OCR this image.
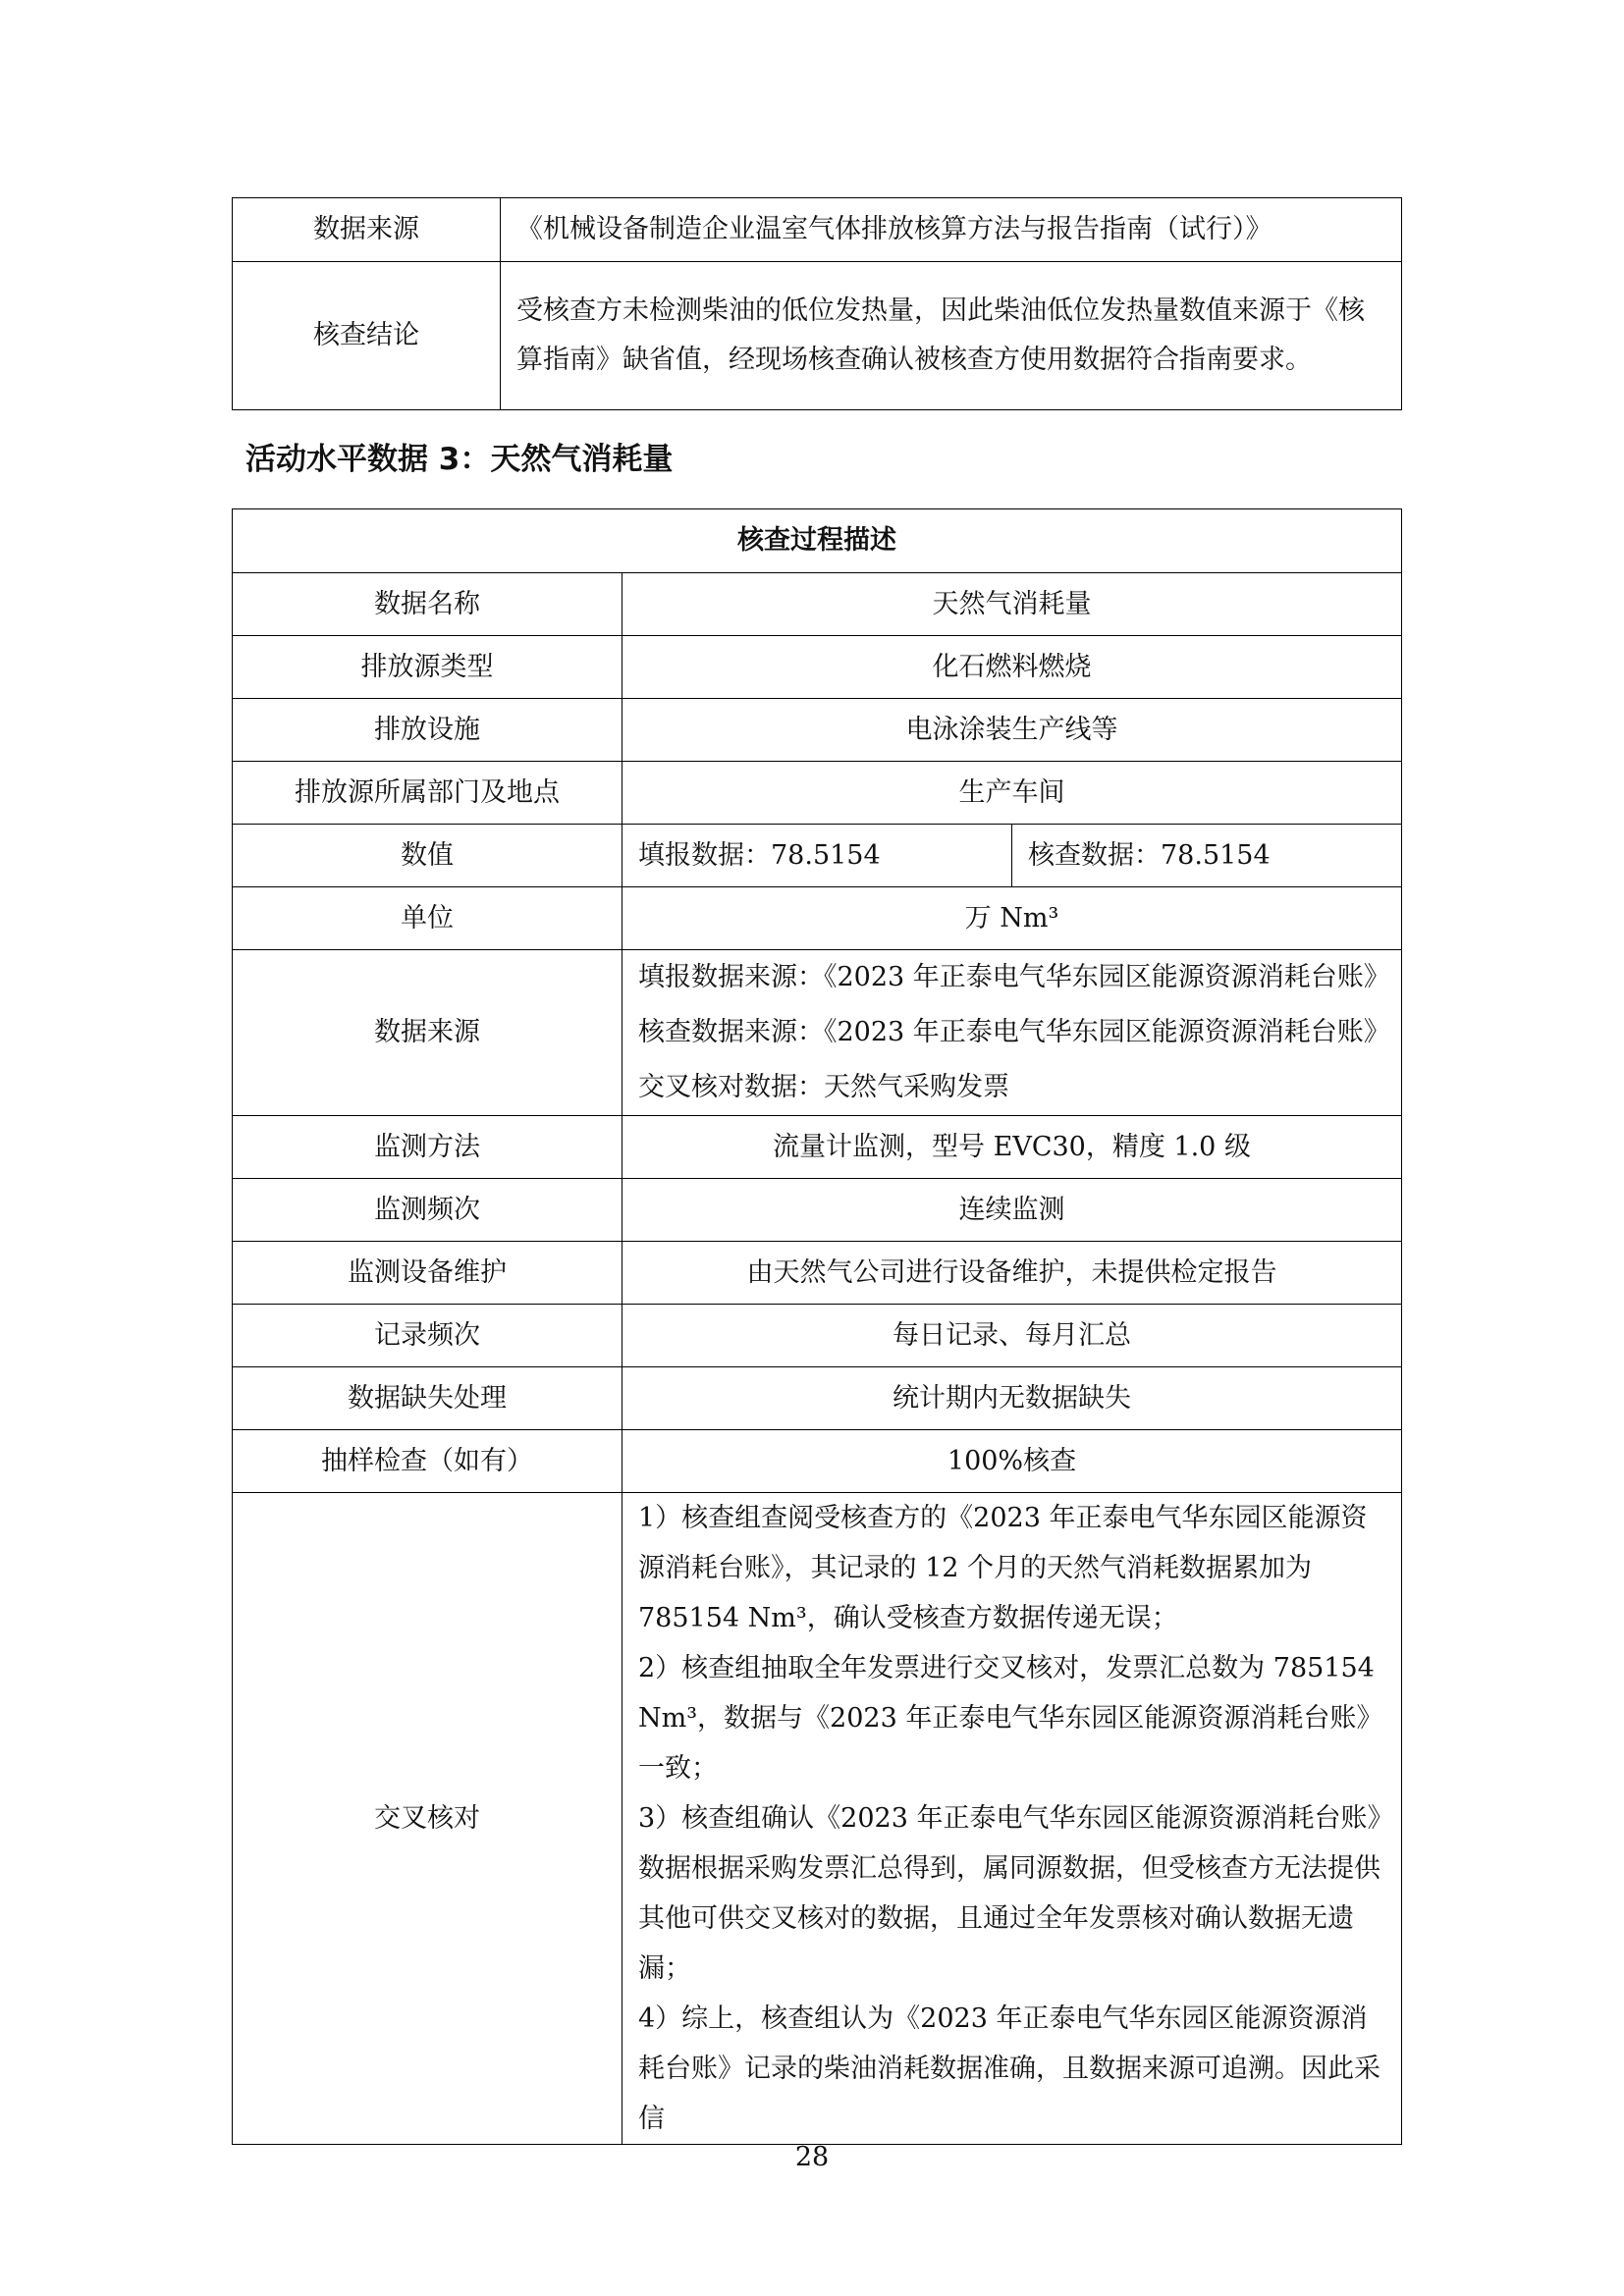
数据来源	《机械设备制造企业温室气体排放核算方法与报告指南（试行）》
核查结论	受核查方未检测柴油的低位发热量，因此柴油低位发热量数值来源于《核算指南》缺省值，经现场核查确认被核查方使用数据符合指南要求。
活动水平数据 3：天然气消耗量
核查过程描述		
数据名称	天然气消耗量	
排放源类型	化石燃料燃烧	
排放设施	电泳涂装生产线等	
排放源所属部门及地点	生产车间	
数值	填报数据：78.5154	核查数据：78.5154
单位	万 Nm³	
数据来源	填报数据来源：《2023 年正泰电气华东园区能源资源消耗台账》
核查数据来源：《2023 年正泰电气华东园区能源资源消耗台账》
交叉核对数据：天然气采购发票	

监测方法	流量计监测，型号 EVC30，精度 1.0 级	
监测频次	连续监测	
监测设备维护	由天然气公司进行设备维护，未提供检定报告	
记录频次	每日记录、每月汇总	
数据缺失处理	统计期内无数据缺失	
抽样检查（如有）	100%核查	
交叉核对	1）核查组查阅受核查方的《2023 年正泰电气华东园区能源资源消耗台账》，其记录的 12 个月的天然气消耗数据累加为 785154 Nm³，确认受核查方数据传递无误；
2）核查组抽取全年发票进行交叉核对，发票汇总数为 785154 Nm³，数据与《2023 年正泰电气华东园区能源资源消耗台账》一致；
3）核查组确认《2023 年正泰电气华东园区能源资源消耗台账》数据根据采购发票汇总得到，属同源数据，但受核查方无法提供其他可供交叉核对的数据，且通过全年发票核对确认数据无遗漏；
4）综上，核查组认为《2023 年正泰电气华东园区能源资源消耗台账》记录的柴油消耗数据准确，且数据来源可追溯。因此采信	
28
